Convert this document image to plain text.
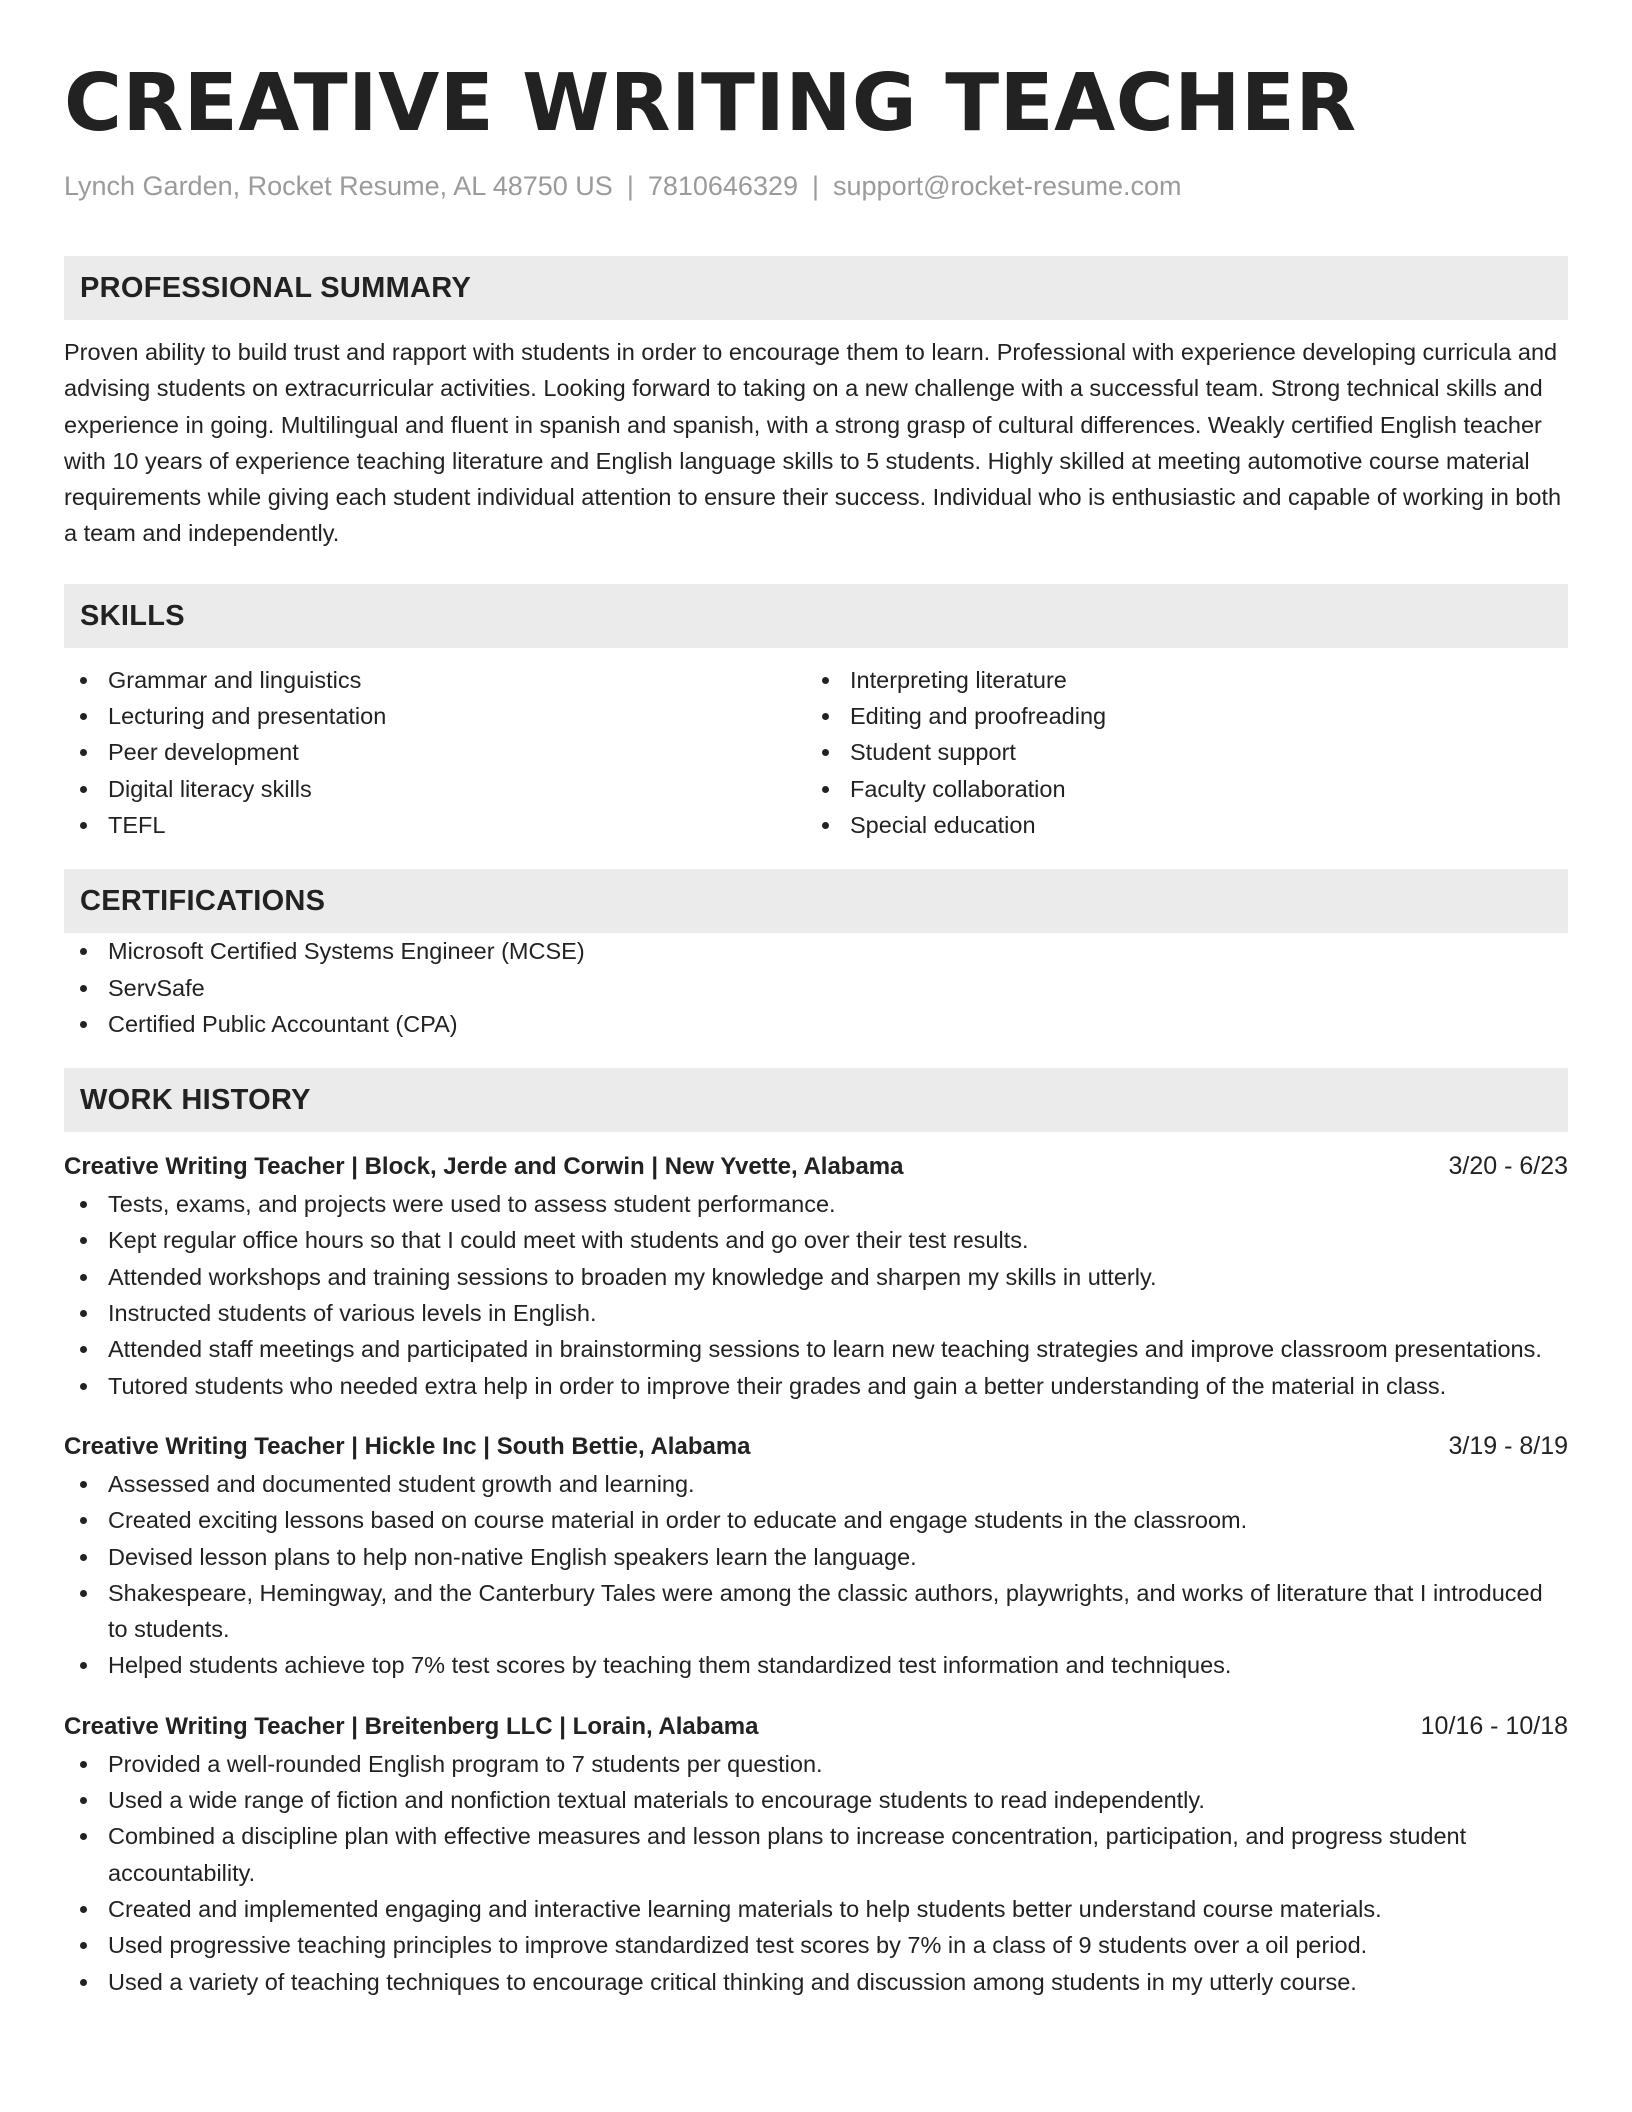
CREATIVE WRITING TEACHER
Lynch Garden, Rocket Resume, AL 48750 US | 7810646329 | support@rocket-resume.com
PROFESSIONAL SUMMARY
Proven ability to build trust and rapport with students in order to encourage them to learn. Professional with experience developing curricula and advising students on extracurricular activities. Looking forward to taking on a new challenge with a successful team. Strong technical skills and experience in going. Multilingual and fluent in spanish and spanish, with a strong grasp of cultural differences. Weakly certified English teacher with 10 years of experience teaching literature and English language skills to 5 students. Highly skilled at meeting automotive course material requirements while giving each student individual attention to ensure their success. Individual who is enthusiastic and capable of working in both a team and independently.
SKILLS
Grammar and linguistics
Lecturing and presentation
Peer development
Digital literacy skills
TEFL
Interpreting literature
Editing and proofreading
Student support
Faculty collaboration
Special education
CERTIFICATIONS
Microsoft Certified Systems Engineer (MCSE)
ServSafe
Certified Public Accountant (CPA)
WORK HISTORY
Creative Writing Teacher | Block, Jerde and Corwin | New Yvette, Alabama	3/20 - 6/23
Tests, exams, and projects were used to assess student performance.
Kept regular office hours so that I could meet with students and go over their test results.
Attended workshops and training sessions to broaden my knowledge and sharpen my skills in utterly.
Instructed students of various levels in English.
Attended staff meetings and participated in brainstorming sessions to learn new teaching strategies and improve classroom presentations.
Tutored students who needed extra help in order to improve their grades and gain a better understanding of the material in class.
Creative Writing Teacher | Hickle Inc | South Bettie, Alabama	3/19 - 8/19
Assessed and documented student growth and learning.
Created exciting lessons based on course material in order to educate and engage students in the classroom.
Devised lesson plans to help non-native English speakers learn the language.
Shakespeare, Hemingway, and the Canterbury Tales were among the classic authors, playwrights, and works of literature that I introduced to students.
Helped students achieve top 7% test scores by teaching them standardized test information and techniques.
Creative Writing Teacher | Breitenberg LLC | Lorain, Alabama	10/16 - 10/18
Provided a well-rounded English program to 7 students per question.
Used a wide range of fiction and nonfiction textual materials to encourage students to read independently.
Combined a discipline plan with effective measures and lesson plans to increase concentration, participation, and progress student accountability.
Created and implemented engaging and interactive learning materials to help students better understand course materials.
Used progressive teaching principles to improve standardized test scores by 7% in a class of 9 students over a oil period.
Used a variety of teaching techniques to encourage critical thinking and discussion among students in my utterly course.
